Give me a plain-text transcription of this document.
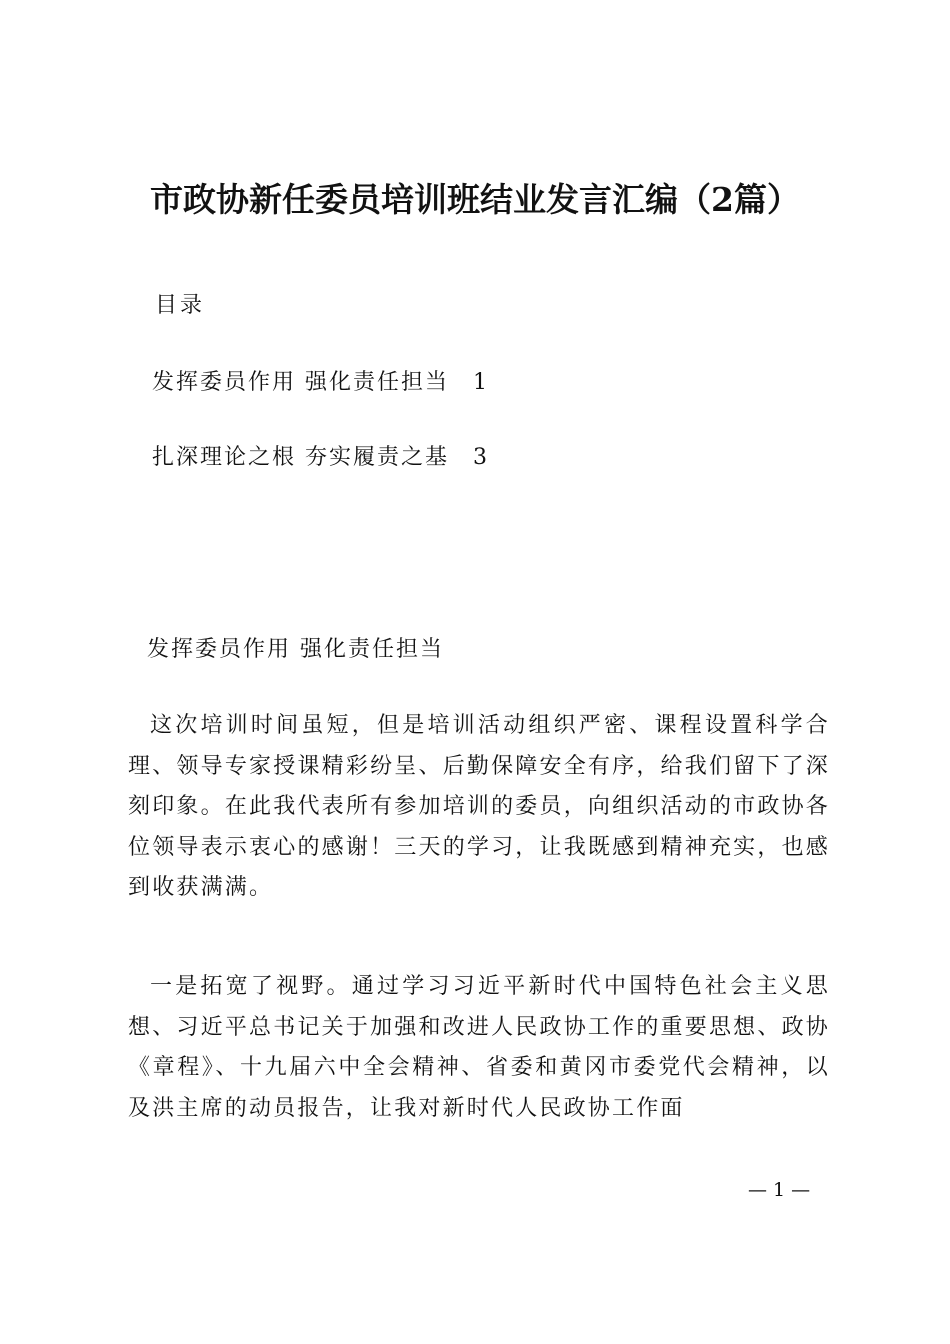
市政协新任委员培训班结业发言汇编（2篇）
目录
发挥委员作用 强化责任担当 1
扎深理论之根 夯实履责之基 3
发挥委员作用 强化责任担当

这次培训时间虽短，但是培训活动组织严密、课程设置科学合理、领导专家授课精彩纷呈、后勤保障安全有序，给我们留下了深刻印象。在此我代表所有参加培训的委员，向组织活动的市政协各位领导表示衷心的感谢！三天的学习，让我既感到精神充实，也感到收获满满。

一是拓宽了视野。通过学习习近平新时代中国特色社会主义思想、习近平总书记关于加强和改进人民政协工作的重要思想、政协《章程》、十九届六中全会精神、省委和黄冈市委党代会精神，以及洪主席的动员报告，让我对新时代人民政协工作面

— 1 —
